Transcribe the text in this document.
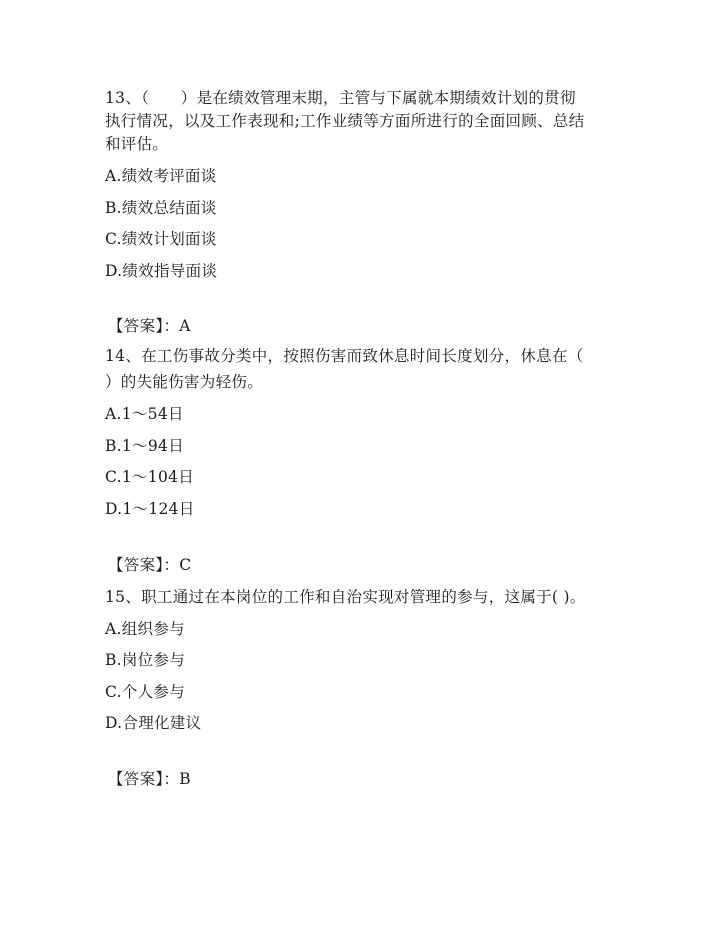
13、（　　）是在绩效管理末期，主管与下属就本期绩效计划的贯彻
执行情况，以及工作表现和;工作业绩等方面所进行的全面回顾、总结
和评估。
A.绩效考评面谈
B.绩效总结面谈
C.绩效计划面谈
D.绩效指导面谈
【答案】：A
14、在工伤事故分类中，按照伤害而致休息时间长度划分，休息在（
）的失能伤害为轻伤。
A.1～54日
B.1～94日
C.1～104日
D.1～124日
【答案】：C
15、职工通过在本岗位的工作和自治实现对管理的参与，这属于( )。
A.组织参与
B.岗位参与
C.个人参与
D.合理化建议
【答案】：B
